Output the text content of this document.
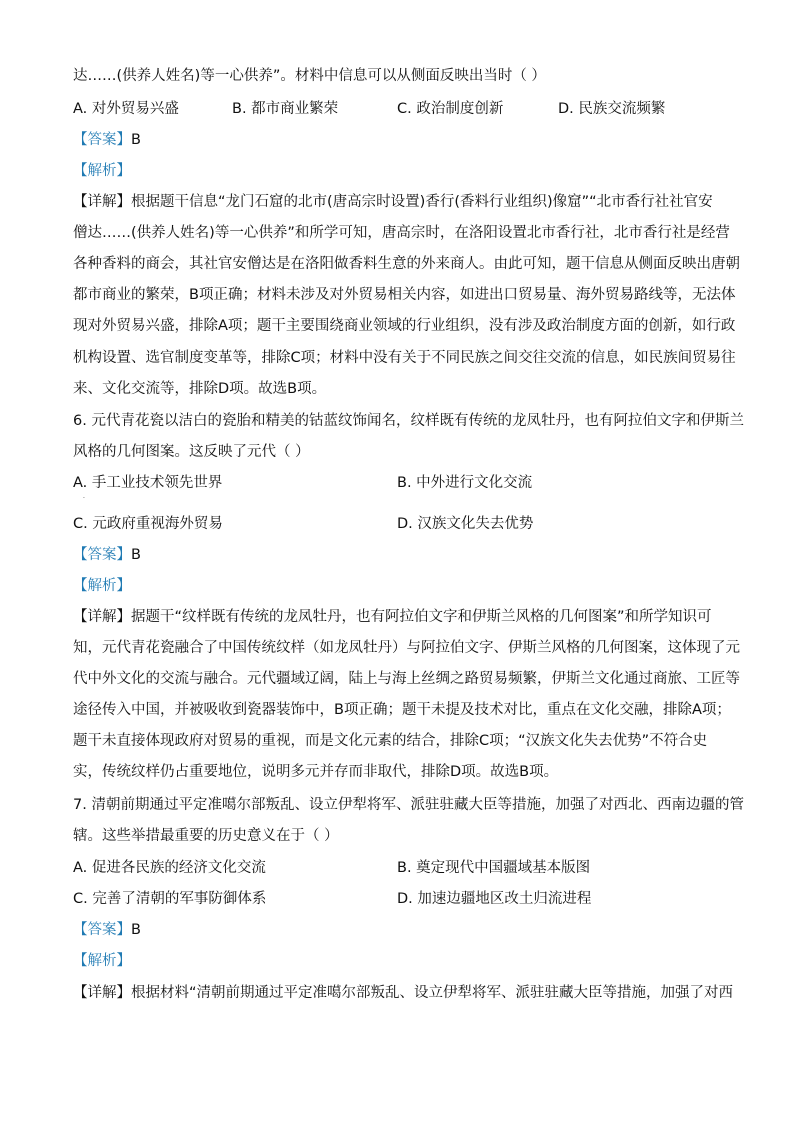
达……(供养人姓名)等一心供养”。材料中信息可以从侧面反映出当时（ ）
A. 对外贸易兴盛	B. 都市商业繁荣	C. 政治制度创新	D. 民族交流频繁
【答案】B
【解析】
【详解】根据题干信息“龙门石窟的北市(唐高宗时设置)香行(香料行业组织)像窟”“北市香行社社官安
僧达……(供养人姓名)等一心供养”和所学可知，唐高宗时，在洛阳设置北市香行社，北市香行社是经营
各种香料的商会，其社官安僧达是在洛阳做香料生意的外来商人。由此可知，题干信息从侧面反映出唐朝
都市商业的繁荣，B项正确；材料未涉及对外贸易相关内容，如进出口贸易量、海外贸易路线等，无法体
现对外贸易兴盛，排除A项；题干主要围绕商业领域的行业组织，没有涉及政治制度方面的创新，如行政
机构设置、选官制度变革等，排除C项；材料中没有关于不同民族之间交往交流的信息，如民族间贸易往
来、文化交流等，排除D项。故选B项。
6. 元代青花瓷以洁白的瓷胎和精美的钴蓝纹饰闻名，纹样既有传统的龙凤牡丹，也有阿拉伯文字和伊斯兰
风格的几何图案。这反映了元代（ ）
A. 手工业技术领先世界
.
B. 中外进行文化交流
C. 元政府重视海外贸易	D. 汉族文化失去优势
【答案】B
【解析】
【详解】据题干“纹样既有传统的龙凤牡丹，也有阿拉伯文字和伊斯兰风格的几何图案”和所学知识可
知，元代青花瓷融合了中国传统纹样（如龙凤牡丹）与阿拉伯文字、伊斯兰风格的几何图案，这体现了元
代中外文化的交流与融合。元代疆域辽阔，陆上与海上丝绸之路贸易频繁，伊斯兰文化通过商旅、工匠等
途径传入中国，并被吸收到瓷器装饰中，B项正确；题干未提及技术对比，重点在文化交融，排除A项；
题干未直接体现政府对贸易的重视，而是文化元素的结合，排除C项；“汉族文化失去优势”不符合史
实，传统纹样仍占重要地位，说明多元并存而非取代，排除D项。故选B项。
7. 清朝前期通过平定准噶尔部叛乱、设立伊犁将军、派驻驻藏大臣等措施，加强了对西北、西南边疆的管
辖。这些举措最重要的历史意义在于（ ）
A. 促进各民族的经济文化交流	B. 奠定现代中国疆域基本版图
C. 完善了清朝的军事防御体系	D. 加速边疆地区改土归流进程
【答案】B
【解析】
【详解】根据材料“清朝前期通过平定准噶尔部叛乱、设立伊犁将军、派驻驻藏大臣等措施，加强了对西
